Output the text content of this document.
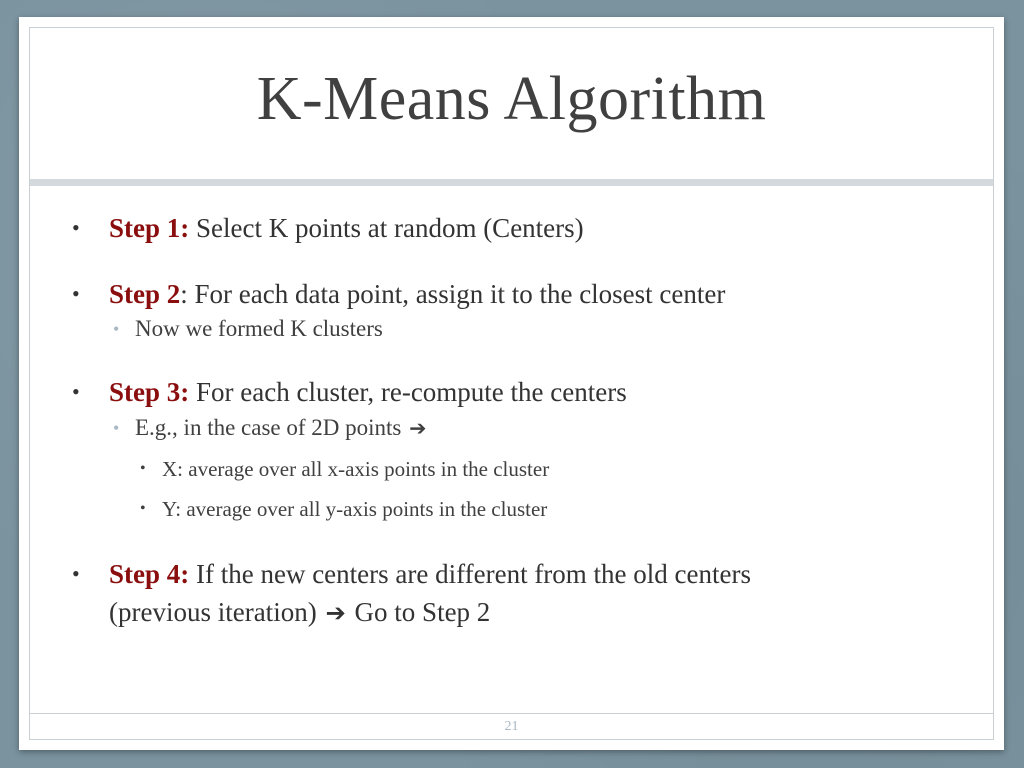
K-Means Algorithm
• Step 1: Select K points at random (Centers)
• Step 2: For each data point, assign it to the closest center
• Now we formed K clusters
• Step 3: For each cluster, re-compute the centers
• E.g., in the case of 2D points ➔
• X: average over all x-axis points in the cluster
• Y: average over all y-axis points in the cluster
• Step 4: If the new centers are different from the old centers
(previous iteration) ➔ Go to Step 2
21
